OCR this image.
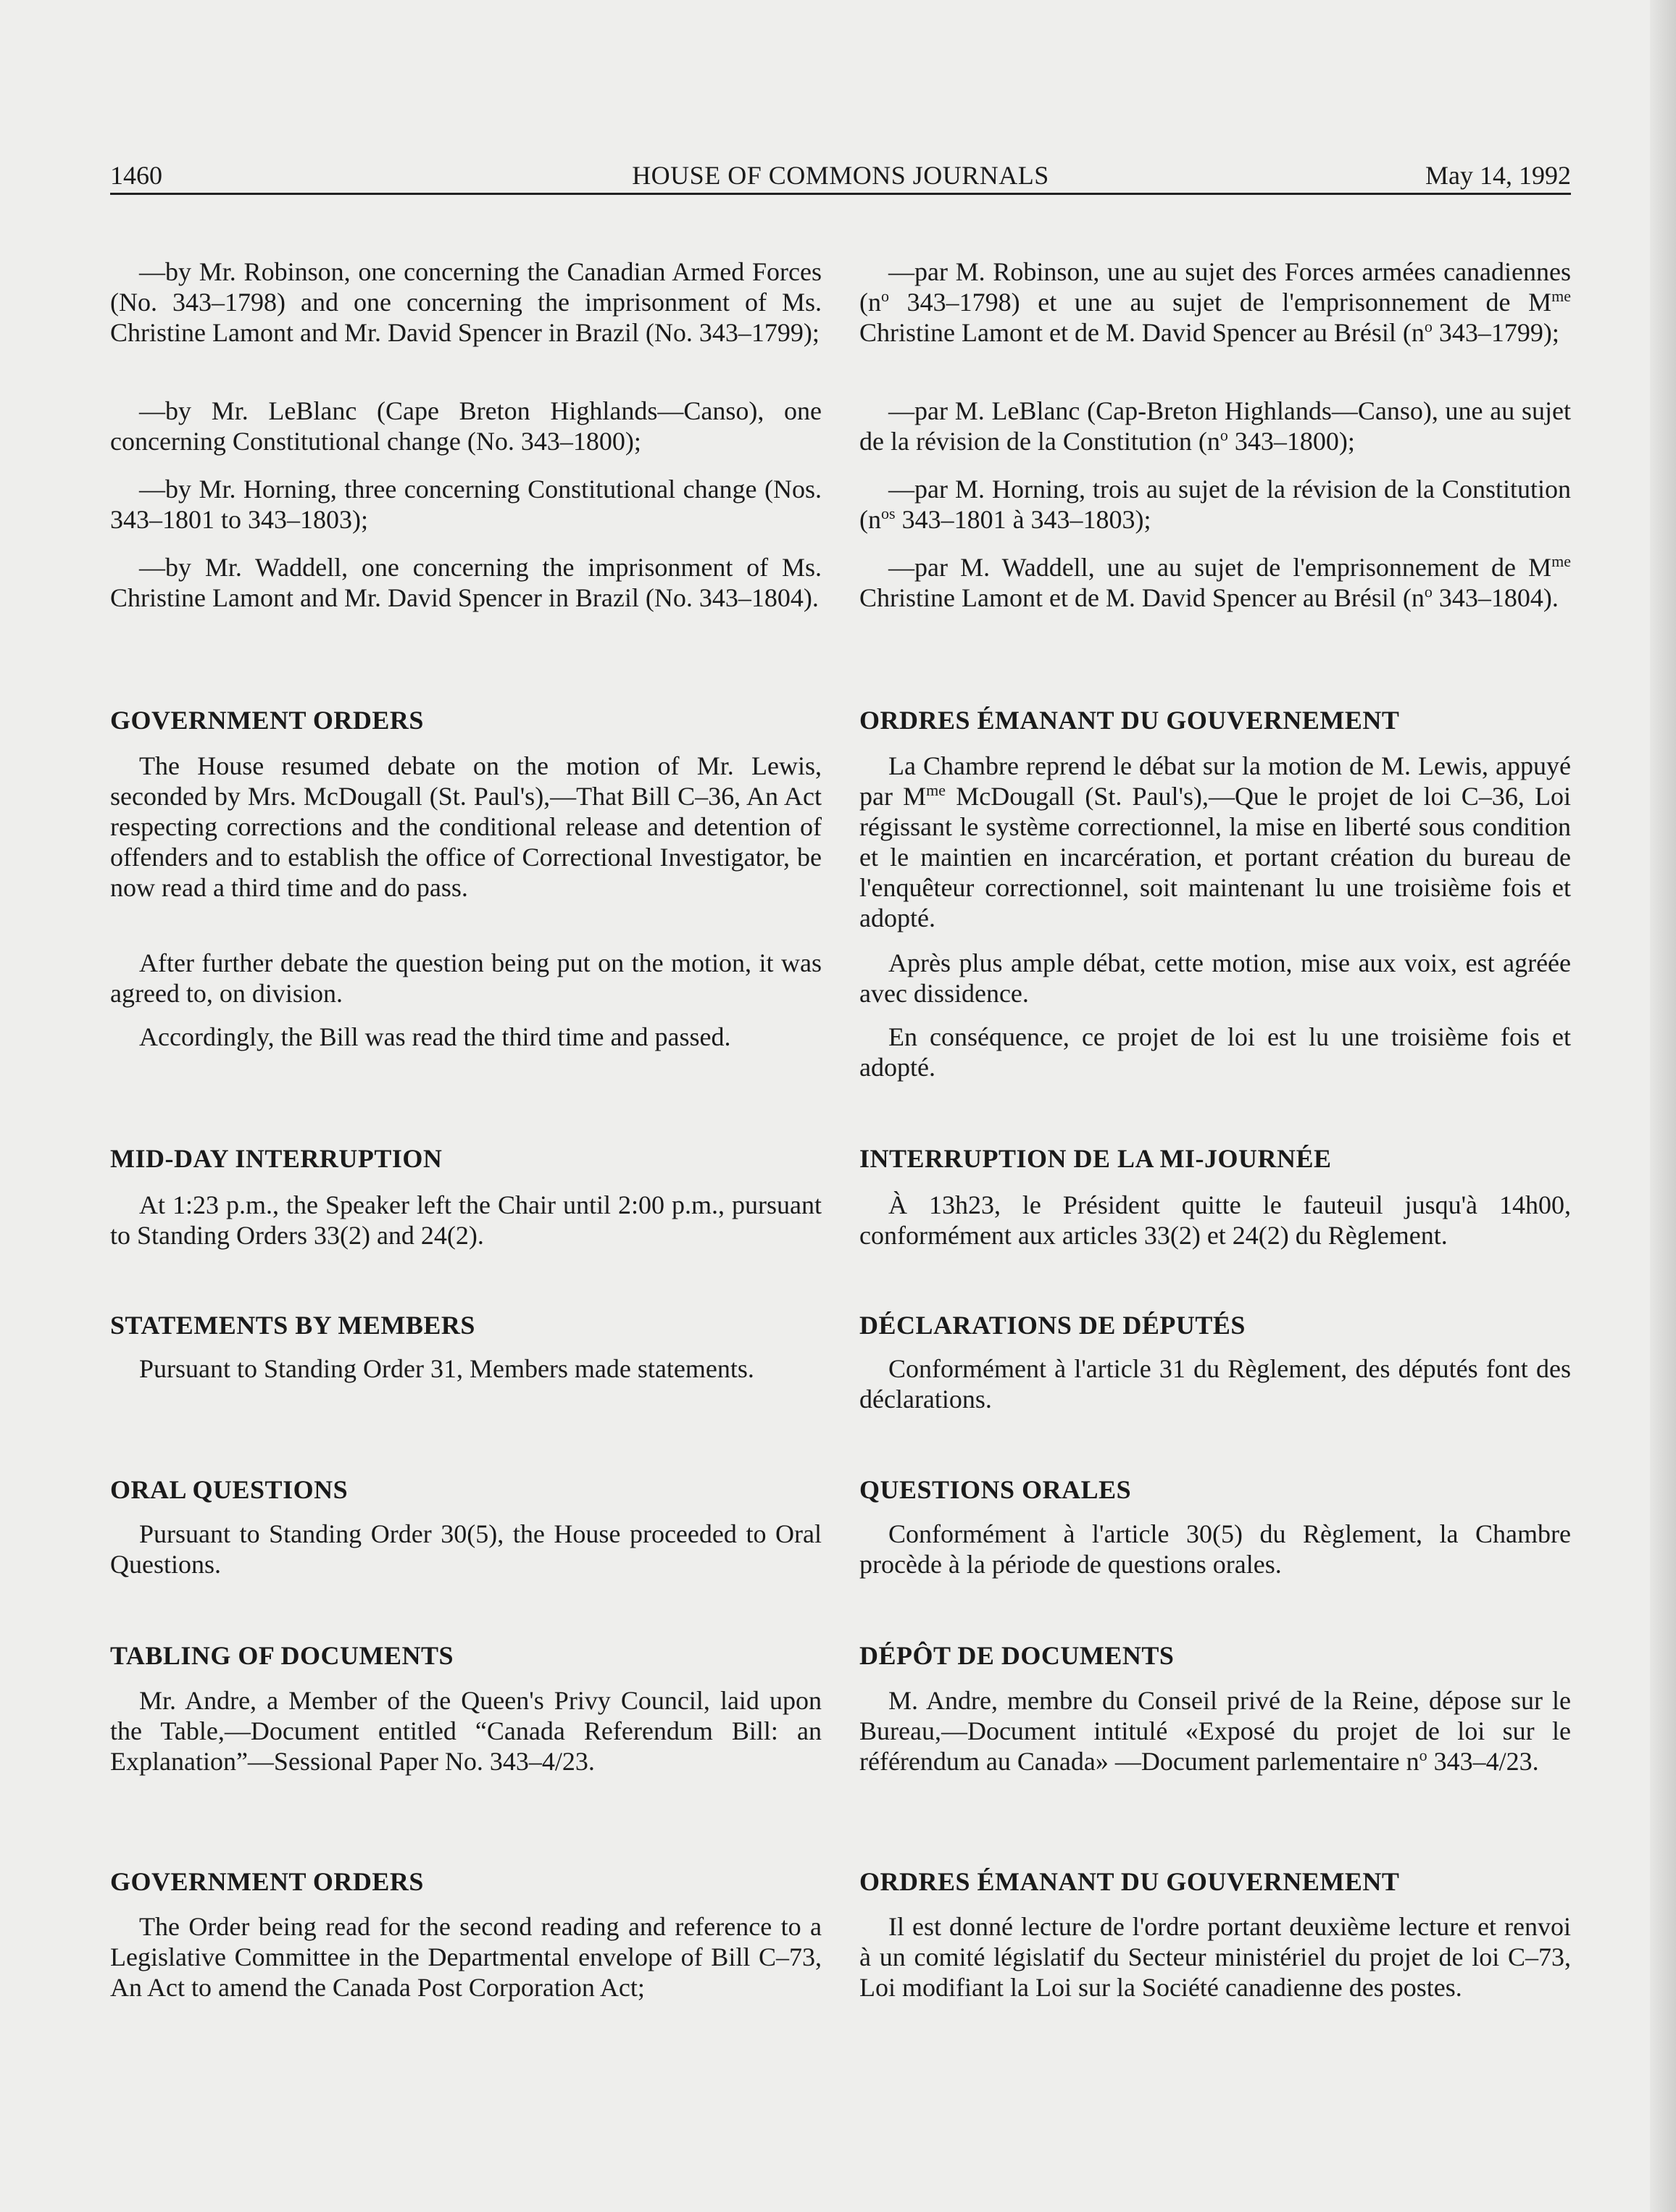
1460	HOUSE OF COMMONS JOURNALS	May 14, 1992

—by Mr. Robinson, one concerning the Canadian Armed Forces (No. 343–1798) and one concerning the imprisonment of Ms. Christine Lamont and Mr. David Spencer in Brazil (No. 343–1799);

—by Mr. LeBlanc (Cape Breton Highlands—Canso), one concerning Constitutional change (No. 343–1800);

—by Mr. Horning, three concerning Constitutional change (Nos. 343–1801 to 343–1803);

—by Mr. Waddell, one concerning the imprisonment of Ms. Christine Lamont and Mr. David Spencer in Brazil (No. 343–1804).

GOVERNMENT ORDERS

The House resumed debate on the motion of Mr. Lewis, seconded by Mrs. McDougall (St. Paul's),—That Bill C–36, An Act respecting corrections and the conditional release and detention of offenders and to establish the office of Correctional Investigator, be now read a third time and do pass.

After further debate the question being put on the motion, it was agreed to, on division.

Accordingly, the Bill was read the third time and passed.

MID-DAY INTERRUPTION

At 1:23 p.m., the Speaker left the Chair until 2:00 p.m., pursuant to Standing Orders 33(2) and 24(2).

STATEMENTS BY MEMBERS

Pursuant to Standing Order 31, Members made statements.

ORAL QUESTIONS

Pursuant to Standing Order 30(5), the House proceeded to Oral Questions.

TABLING OF DOCUMENTS

Mr. Andre, a Member of the Queen's Privy Council, laid upon the Table,—Document entitled “Canada Referendum Bill: an Explanation”—Sessional Paper No. 343–4/23.

GOVERNMENT ORDERS

The Order being read for the second reading and reference to a Legislative Committee in the Departmental envelope of Bill C–73, An Act to amend the Canada Post Corporation Act;

—par M. Robinson, une au sujet des Forces armées canadiennes ($n^o$ 343–1798) et une au sujet de l'emprisonnement de $M^{me}$ Christine Lamont et de M. David Spencer au Brésil ($n^o$ 343–1799);

—par M. LeBlanc (Cap-Breton Highlands—Canso), une au sujet de la révision de la Constitution ($n^o$ 343–1800);

—par M. Horning, trois au sujet de la révision de la Constitution ($n^{os}$ 343–1801 à 343–1803);

—par M. Waddell, une au sujet de l'emprisonnement de $M^{me}$ Christine Lamont et de M. David Spencer au Brésil ($n^o$ 343–1804).

ORDRES ÉMANANT DU GOUVERNEMENT

La Chambre reprend le débat sur la motion de M. Lewis, appuyé par $M^{me}$ McDougall (St. Paul's),—Que le projet de loi C–36, Loi régissant le système correctionnel, la mise en liberté sous condition et le maintien en incarcération, et portant création du bureau de l'enquêteur correctionnel, soit maintenant lu une troisième fois et adopté.

Après plus ample débat, cette motion, mise aux voix, est agréée avec dissidence.

En conséquence, ce projet de loi est lu une troisième fois et adopté.

INTERRUPTION DE LA MI-JOURNÉE

À 13h23, le Président quitte le fauteuil jusqu'à 14h00, conformément aux articles 33(2) et 24(2) du Règlement.

DÉCLARATIONS DE DÉPUTÉS

Conformément à l'article 31 du Règlement, des députés font des déclarations.

QUESTIONS ORALES

Conformément à l'article 30(5) du Règlement, la Chambre procède à la période de questions orales.

DÉPÔT DE DOCUMENTS

M. Andre, membre du Conseil privé de la Reine, dépose sur le Bureau,—Document intitulé «Exposé du projet de loi sur le référendum au Canada» —Document parlementaire $n^o$ 343–4/23.

ORDRES ÉMANANT DU GOUVERNEMENT

Il est donné lecture de l'ordre portant deuxième lecture et renvoi à un comité législatif du Secteur ministériel du projet de loi C–73, Loi modifiant la Loi sur la Société canadienne des postes.
